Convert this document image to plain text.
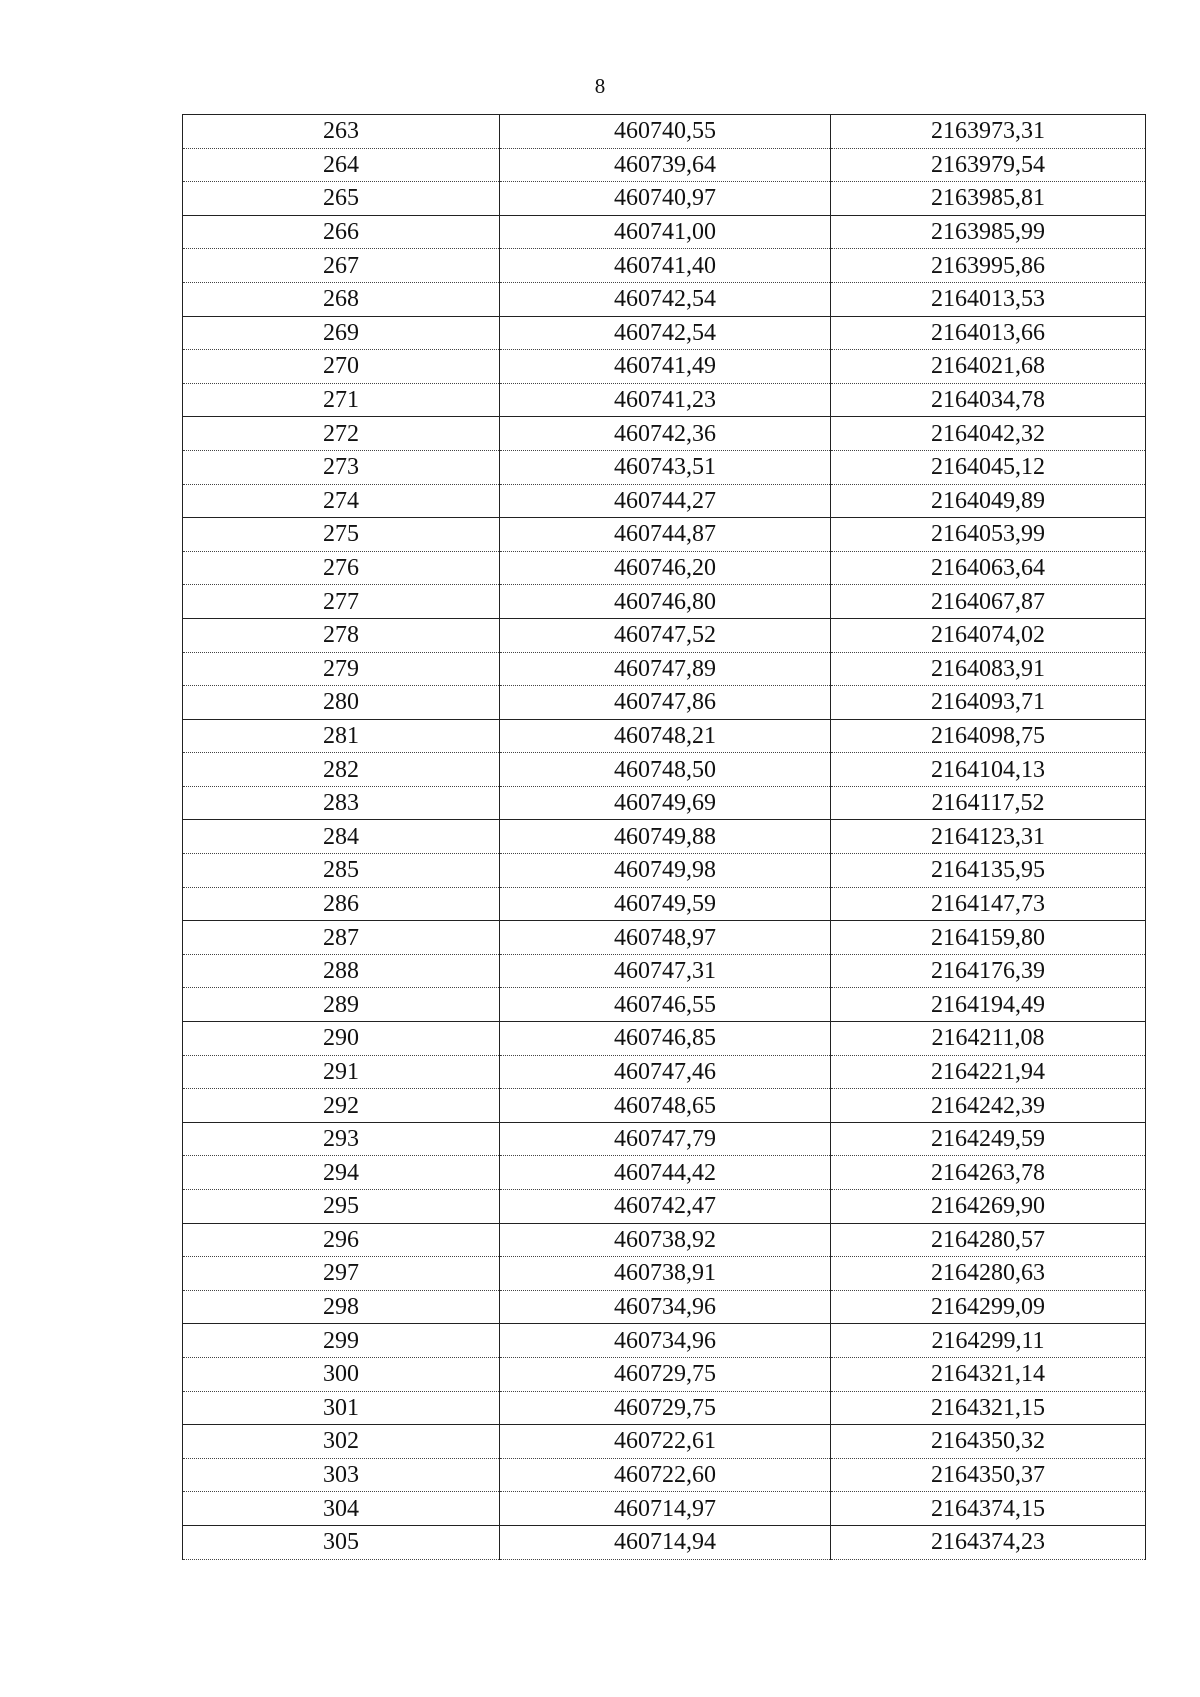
8
263	460740,55	2163973,31
264	460739,64	2163979,54
265	460740,97	2163985,81
266	460741,00	2163985,99
267	460741,40	2163995,86
268	460742,54	2164013,53
269	460742,54	2164013,66
270	460741,49	2164021,68
271	460741,23	2164034,78
272	460742,36	2164042,32
273	460743,51	2164045,12
274	460744,27	2164049,89
275	460744,87	2164053,99
276	460746,20	2164063,64
277	460746,80	2164067,87
278	460747,52	2164074,02
279	460747,89	2164083,91
280	460747,86	2164093,71
281	460748,21	2164098,75
282	460748,50	2164104,13
283	460749,69	2164117,52
284	460749,88	2164123,31
285	460749,98	2164135,95
286	460749,59	2164147,73
287	460748,97	2164159,80
288	460747,31	2164176,39
289	460746,55	2164194,49
290	460746,85	2164211,08
291	460747,46	2164221,94
292	460748,65	2164242,39
293	460747,79	2164249,59
294	460744,42	2164263,78
295	460742,47	2164269,90
296	460738,92	2164280,57
297	460738,91	2164280,63
298	460734,96	2164299,09
299	460734,96	2164299,11
300	460729,75	2164321,14
301	460729,75	2164321,15
302	460722,61	2164350,32
303	460722,60	2164350,37
304	460714,97	2164374,15
305	460714,94	2164374,23
